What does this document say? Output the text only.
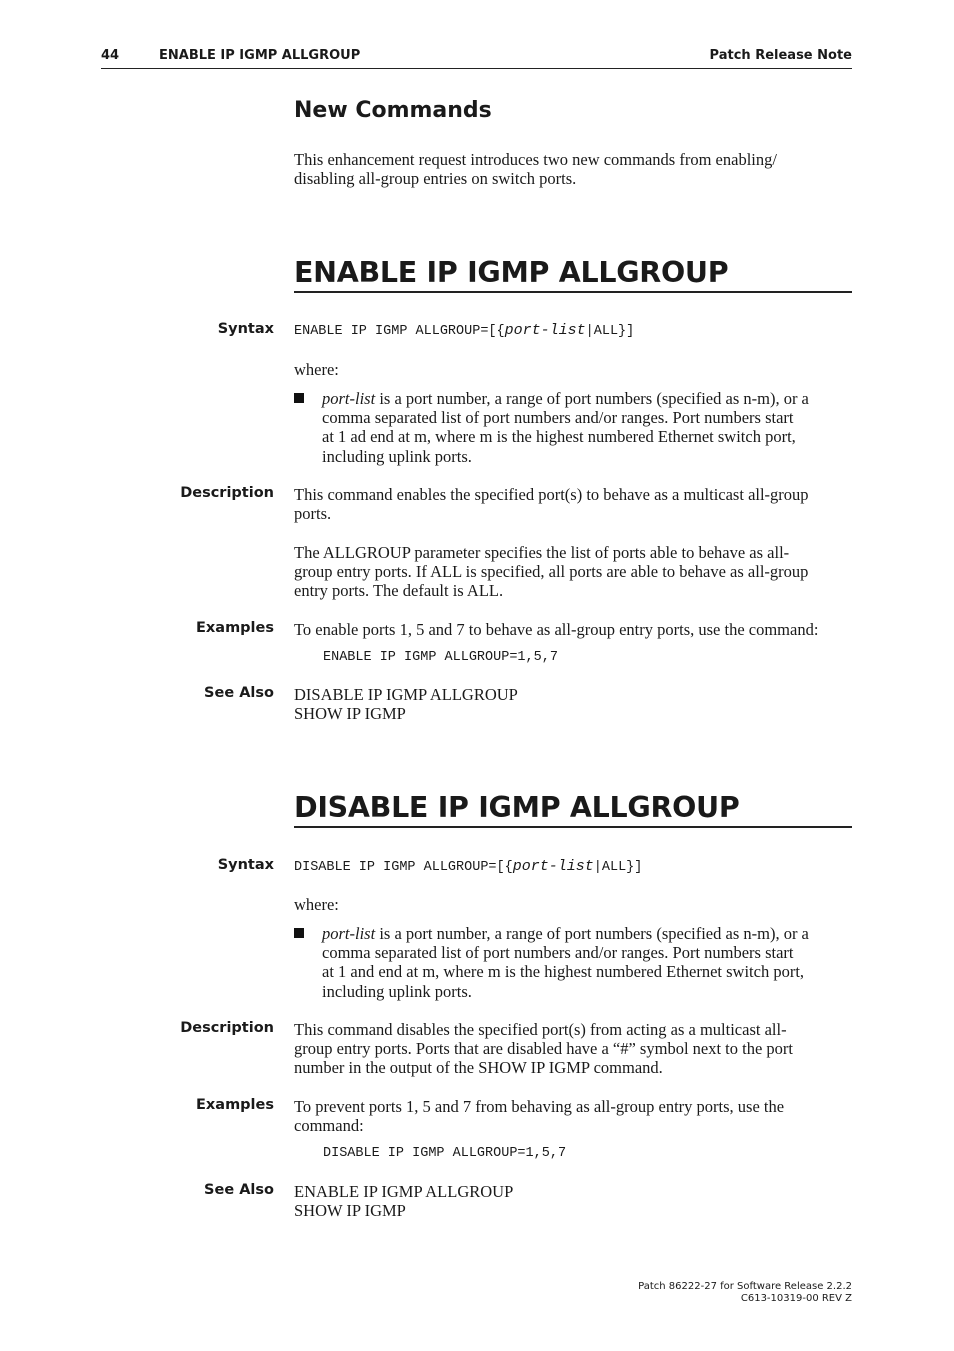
44	ENABLE IP IGMP ALLGROUP	Patch Release Note
New Commands
This enhancement request introduces two new commands from enabling/
disabling all-group entries on switch ports.
ENABLE IP IGMP ALLGROUP
Syntax ENABLE IP IGMP ALLGROUP=[{port-list|ALL}]
where:
port-list is a port number, a range of port numbers (specified as n-m), or a
comma separated list of port numbers and/or ranges. Port numbers start
at 1 ad end at m, where m is the highest numbered Ethernet switch port,
including uplink ports.
Description This command enables the specified port(s) to behave as a multicast all-group
ports.
The ALLGROUP parameter specifies the list of ports able to behave as all-
group entry ports. If ALL is specified, all ports are able to behave as all-group
entry ports. The default is ALL.
Examples To enable ports 1, 5 and 7 to behave as all-group entry ports, use the command:
ENABLE IP IGMP ALLGROUP=1,5,7
See Also DISABLE IP IGMP ALLGROUP
SHOW IP IGMP
DISABLE IP IGMP ALLGROUP
Syntax DISABLE IP IGMP ALLGROUP=[{port-list|ALL}]
where:
port-list is a port number, a range of port numbers (specified as n-m), or a
comma separated list of port numbers and/or ranges. Port numbers start
at 1 and end at m, where m is the highest numbered Ethernet switch port,
including uplink ports.
Description This command disables the specified port(s) from acting as a multicast all-
group entry ports. Ports that are disabled have a “#” symbol next to the port
number in the output of the SHOW IP IGMP command.
Examples To prevent ports 1, 5 and 7 from behaving as all-group entry ports, use the
command:
DISABLE IP IGMP ALLGROUP=1,5,7
See Also ENABLE IP IGMP ALLGROUP
SHOW IP IGMP
Patch 86222-27 for Software Release 2.2.2
C613-10319-00 REV Z
